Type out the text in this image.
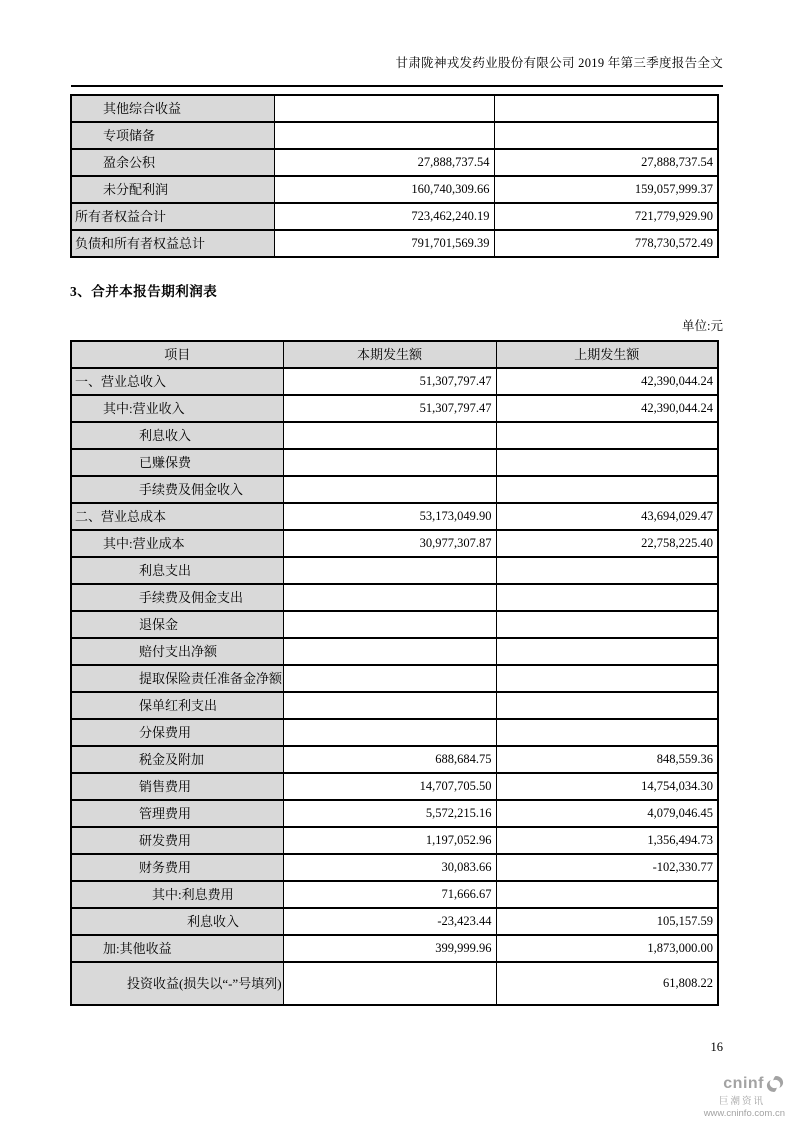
甘肃陇神戎发药业股份有限公司 2019 年第三季度报告全文
其他综合收益		
专项储备		
盈余公积	27,888,737.54	27,888,737.54
未分配利润	160,740,309.66	159,057,999.37
所有者权益合计	723,462,240.19	721,779,929.90
负债和所有者权益总计	791,701,569.39	778,730,572.49
3、合并本报告期利润表
单位:元
项目	本期发生额	上期发生额
一、营业总收入	51,307,797.47	42,390,044.24
其中:营业收入	51,307,797.47	42,390,044.24
利息收入		
已赚保费		
手续费及佣金收入		
二、营业总成本	53,173,049.90	43,694,029.47
其中:营业成本	30,977,307.87	22,758,225.40
利息支出		
手续费及佣金支出		
退保金		
赔付支出净额		
提取保险责任准备金净额		
保单红利支出		
分保费用		
税金及附加	688,684.75	848,559.36
销售费用	14,707,705.50	14,754,034.30
管理费用	5,572,215.16	4,079,046.45
研发费用	1,197,052.96	1,356,494.73
财务费用	30,083.66	-102,330.77
其中:利息费用	71,666.67	
利息收入	-23,423.44	105,157.59
加:其他收益	399,999.96	1,873,000.00
投资收益(损失以“-”号填列)		61,808.22
16
cninf
巨潮资讯
www.cninfo.com.cn
